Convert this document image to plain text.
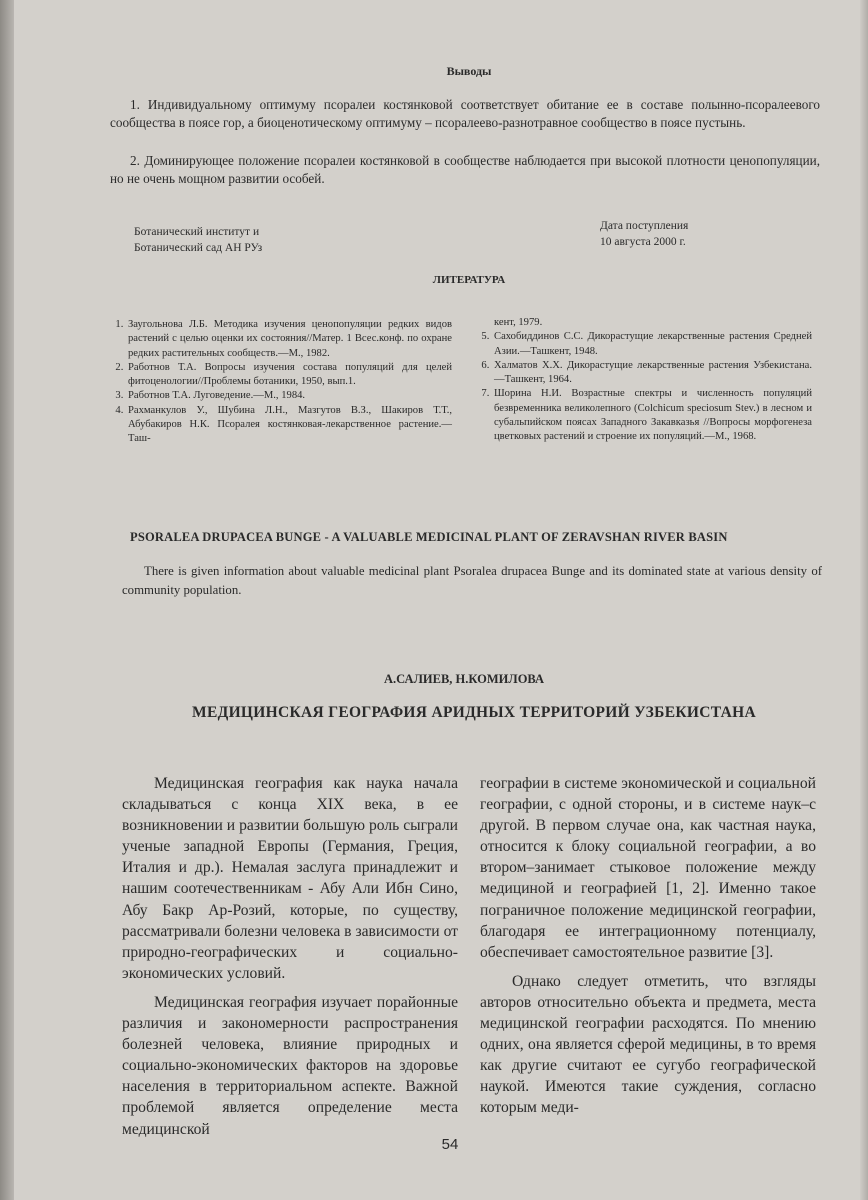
Выводы

1. Индивидуальному оптимуму псоралеи костянковой соответствует обитание ее в составе полынно-псоралеевого сообщества в поясе гор, а биоценотическому оптимуму – псоралеево-разнотравное сообщество в поясе пустынь.

2. Доминирующее положение псоралеи костянковой в сообществе наблюдается при высокой плотности ценопопуляции, но не очень мощном развитии особей.

Ботанический институт и
Ботанический сад АН РУз
Дата поступления
10 августа 2000 г.
ЛИТЕРАТУРА
1. Заугольнова Л.Б. Методика изучения ценопопуляции редких видов растений с целью оценки их состояния//Матер. 1 Всес.конф. по охране редких растительных сообществ.—М., 1982.
2. Работнов Т.А. Вопросы изучения состава популяций для целей фитоценологии//Проблемы ботаники, 1950, вып.1.
3. Работнов Т.А. Луговедение.—М., 1984.
4. Рахманкулов У., Шубина Л.Н., Мазгутов В.З., Шакиров Т.Т., Абубакиров Н.К. Псоралея костянковая-лекарственное растение.— Таш-
кент, 1979.
5. Сахобиддинов С.С. Дикорастущие лекарственные растения Средней Азии.—Ташкент, 1948.
6. Халматов Х.Х. Дикорастущие лекарственные растения Узбекистана.—Ташкент, 1964.
7. Шорина Н.И. Возрастные спектры и численность популяций безвременника великолепного (Colchicum speciosum Stev.) в лесном и субальпийском поясах Западного Закавказья //Вопросы морфогенеза цветковых растений и строение их популяций.—М., 1968.
PSORALEA DRUPACEA BUNGE - A VALUABLE MEDICINAL PLANT OF ZERAVSHAN RIVER BASIN

There is given information about valuable medicinal plant Psoralea drupacea Bunge and its dominated state at various density of community population.

А.САЛИЕВ, Н.КОМИЛОВА
МЕДИЦИНСКАЯ ГЕОГРАФИЯ АРИДНЫХ ТЕРРИТОРИЙ УЗБЕКИСТАНА

Медицинская география как наука начала складываться с конца XIX века, в ее возникновении и развитии большую роль сыграли ученые западной Европы (Германия, Греция, Италия и др.). Немалая заслуга принадлежит и нашим соотечественникам - Абу Али Ибн Сино, Абу Бакр Ар-Розий, которые, по существу, рассматривали болезни человека в зависимости от природно-географических и социально-экономических условий.

Медицинская география изучает порайонные различия и закономерности распространения болезней человека, влияние природных и социально-экономических факторов на здоровье населения в территориальном аспекте. Важной проблемой является определение места медицинской

географии в системе экономической и социальной географии, с одной стороны, и в системе наук–с другой. В первом случае она, как частная наука, относится к блоку социальной географии, а во втором–занимает стыковое положение между медициной и географией [1, 2]. Именно такое пограничное положение медицинской географии, благодаря ее интеграционному потенциалу, обеспечивает самостоятельное развитие [3].

Однако следует отметить, что взгляды авторов относительно объекта и предмета, места медицинской географии расходятся. По мнению одних, она является сферой медицины, в то время как другие считают ее сугубо географической наукой. Имеются такие суждения, согласно которым меди-

54
